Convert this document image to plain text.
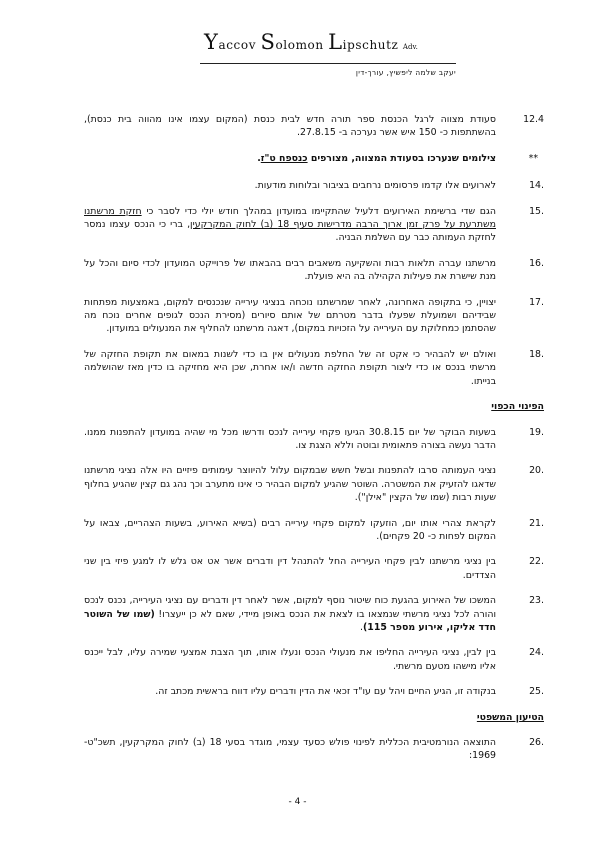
Yaccov Solomon Lipschutz Adv.
יעקב שלמה ליפשיץ, עורך-דין
12.4
סעודת מצווה לרגל הכנסת ספר תורה חדש לבית כנסת (המקום עצמו אינו מהווה בית כנסת), בהשתתפות כ- 150 איש אשר נערכה ב- 27.8.15.
**
צילומים שנערכו בסעודת המצווה, מצורפים כנספח ט"ז.
14.
לארועים אלו קדמו פרסומים נרחבים בציבור ובלוחות מודעות.
15.
הגם שדי ברשימת האירועים דלעיל שהתקיימו במועדון במהלך חודש יולי כדי לסבר כי חזקת מרשתנו משתרעת על פרק זמן ארוך הרבה מדרישות סעיף 18 (ב) לחוק המקרקעין, ברי כי הנכס עצמו נמסר לחזקת העמותה כבר עם השלמת הבניה.
16.
מרשתנו עברה תלאות רבות והשקיעה משאבים רבים בהבאתו של פרוייקט המועדון לכדי סיום והכל על מנת שישרת את פעילות הקהילה בה היא פועלת.
17.
יצויין, כי בתקופה האחרונה, לאחר שמרשתנו נוכחה בנציגי עירייה שנכנסים למקום, באמצעות מפתחות שבידיהם ושמועלת שפעלו בדבר מטרתם של אותם סיורים (מסירת הנכס לגופים אחרים נוכח מה שהסתמן כמחלוקת עם העירייה על הזכויות במקום), דאגה מרשתנו להחליף את המנעולים במועדון.
18.
ואולם יש להבהיר כי אקט זה של החלפת מנעולים אין בו כדי לשנות במאום את תקופת החזקה של מרשתי בנכס או כדי ליצור תקופת החזקה חדשה ו/או אחרת, שכן היא מחזיקה בו כדין מאז שהושלמה בנייתו.
הפינוי הכפוי
19.
בשעות הבוקר של יום 30.8.15 הגיעו פקחי עירייה לנכס ודרשו מכל מי שהיה במועדון להתפנות ממנו. הדבר נעשה בצורה פתאומית ובוטה וללא הצגת צו.
20.
נציגי העמותה סרבו להתפנות ובשל חשש שבמקום עלול להיווצר עימותים פיזיים היו אלה נציגי מרשתנו שדאגו להזעיק את המשטרה. השוטר שהגיע למקום הבהיר כי אינו מתערב וכך נהג גם קצין שהגיע בחלוף שעות רבות (שמו של הקצין "אילן").
21.
לקראת צהרי אותו יום, הוזעקו למקום פקחי עירייה רבים (בשיא האירוע, בשעות הצהריים, צבאו על המקום לפחות כ- 20 פקחים).
22.
בין נציגי מרשתנו לבין פקחי העירייה החל להתנהל דין ודברים אשר אט אט גלש לו למגע פיזי בין שני הצדדים.
23.
המשכו של האירוע בהגעת כוח שיטור נוסף למקום, אשר לאחר דין ודברים עם נציגי העירייה, נכנס לנכס והורה לכל נציגי מרשתי שנמצאו בו לצאת את הנכס באופן מיידי, שאם לא כן ייעצרו! (שמו של השוטר חדד אליקו, אירוע מספר 115).
24.
בין לבין, נציגי העירייה החליפו את מנעולי הנכס ונעלו אותו, תוך הצבת אמצעי שמירה עליו, לבל ייכנס אליו מישהו מטעם מרשתי.
25.
בנקודה זו, הגיע החיים ויהל עם עו"ד זכאי את הדין ודברים עליו דווח בראשית מכתב זה.
הטיעון המשפטי
26.
התוצאה הנורמטיבית הכללית לפינוי פולש כסעד עצמי, מוגדר בסעי 18 (ב) לחוק המקרקעין, תשכ"ט- 1969:
- 4 -
